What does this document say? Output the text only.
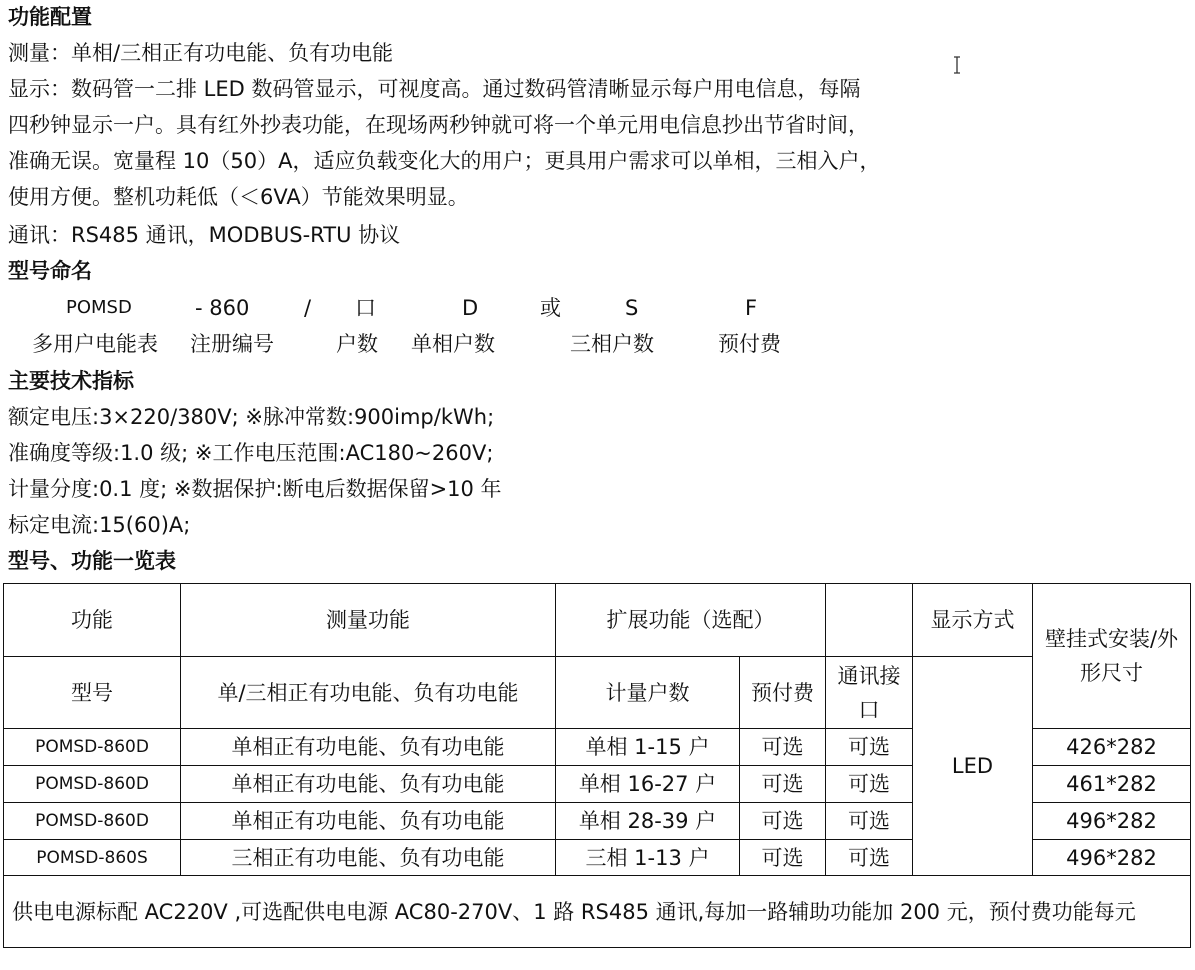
功能配置
测量：单相/三相正有功电能、负有功电能
显示：数码管一二排 LED 数码管显示，可视度高。通过数码管清晰显示每户用电信息，每隔
四秒钟显示一户。具有红外抄表功能，在现场两秒钟就可将一个单元用电信息抄出节省时间，
准确无误。宽量程 10（50）A，适应负载变化大的用户；更具用户需求可以单相，三相入户，
使用方便。整机功耗低（＜6VA）节能效果明显。
通讯：RS485 通讯，MODBUS-RTU 协议
型号命名
POMSD	- 860	/ 口	D	或	S	F
多用户电能表 注册编号	户数 单相户数	三相户数	预付费
主要技术指标
额定电压:3×220/380V; ※脉冲常数:900imp/kWh;
准确度等级:1.0 级; ※工作电压范围:AC180~260V;
计量分度:0.1 度; ※数据保护:断电后数据保留>10 年
标定电流:15(60)A;
型号、功能一览表
功能	测量功能	扩展功能（选配）			显示方式	壁挂式安装/外形尺寸
型号	单/三相正有功电能、负有功电能	计量户数	预付费	通讯接口	LED	
POMSD-860D	单相正有功电能、负有功电能	单相 1-15 户	可选	可选		426*282
POMSD-860D	单相正有功电能、负有功电能	单相 16-27 户	可选	可选		461*282
POMSD-860D	单相正有功电能、负有功电能	单相 28-39 户	可选	可选		496*282
POMSD-860S	三相正有功电能、负有功电能	三相 1-13 户	可选	可选		496*282
供电电源标配 AC220V ,可选配供电电源 AC80-270V、1 路 RS485 通讯,每加一路辅助功能加 200 元，预付费功能每元						
